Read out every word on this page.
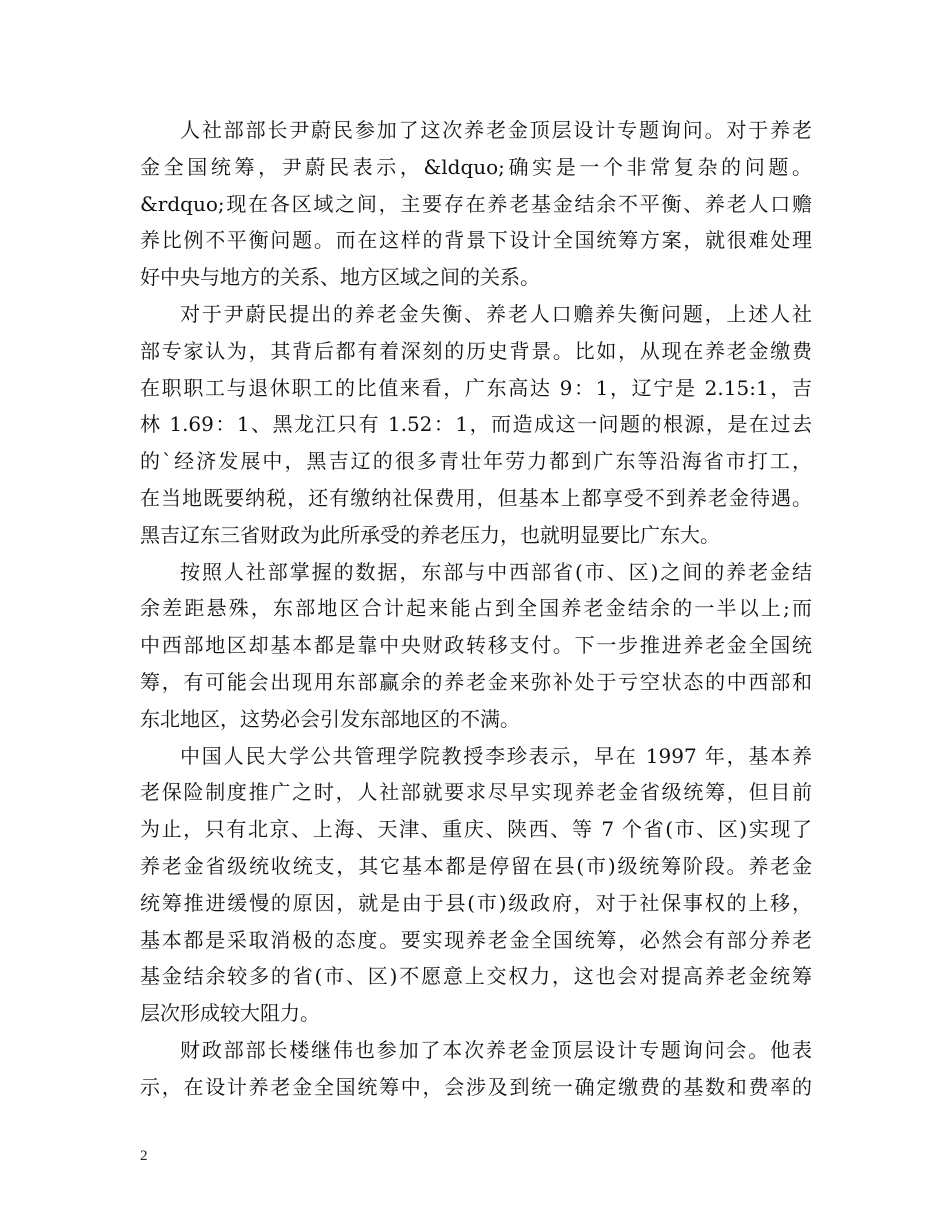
人社部部长尹蔚民参加了这次养老金顶层设计专题询问。对于养老
金全国统筹，尹蔚民表示，&ldquo;确实是一个非常复杂的问题。
&rdquo;现在各区域之间，主要存在养老基金结余不平衡、养老人口赡
养比例不平衡问题。而在这样的背景下设计全国统筹方案，就很难处理
好中央与地方的关系、地方区域之间的关系。

对于尹蔚民提出的养老金失衡、养老人口赡养失衡问题，上述人社
部专家认为，其背后都有着深刻的历史背景。比如，从现在养老金缴费
在职职工与退休职工的比值来看，广东高达 9：1，辽宁是 2.15:1，吉
林 1.69：1、黑龙江只有 1.52：1，而造成这一问题的根源，是在过去
的`经济发展中，黑吉辽的很多青壮年劳力都到广东等沿海省市打工，
在当地既要纳税，还有缴纳社保费用，但基本上都享受不到养老金待遇。
黑吉辽东三省财政为此所承受的养老压力，也就明显要比广东大。

按照人社部掌握的数据，东部与中西部省(市、区)之间的养老金结
余差距悬殊，东部地区合计起来能占到全国养老金结余的一半以上;而
中西部地区却基本都是靠中央财政转移支付。下一步推进养老金全国统
筹，有可能会出现用东部赢余的养老金来弥补处于亏空状态的中西部和
东北地区，这势必会引发东部地区的不满。

中国人民大学公共管理学院教授李珍表示，早在 1997 年，基本养
老保险制度推广之时，人社部就要求尽早实现养老金省级统筹，但目前
为止，只有北京、上海、天津、重庆、陕西、等 7 个省(市、区)实现了
养老金省级统收统支，其它基本都是停留在县(市)级统筹阶段。养老金
统筹推进缓慢的原因，就是由于县(市)级政府，对于社保事权的上移，
基本都是采取消极的态度。要实现养老金全国统筹，必然会有部分养老
基金结余较多的省(市、区)不愿意上交权力，这也会对提高养老金统筹
层次形成较大阻力。

财政部部长楼继伟也参加了本次养老金顶层设计专题询问会。他表
示，在设计养老金全国统筹中，会涉及到统一确定缴费的基数和费率的

2
